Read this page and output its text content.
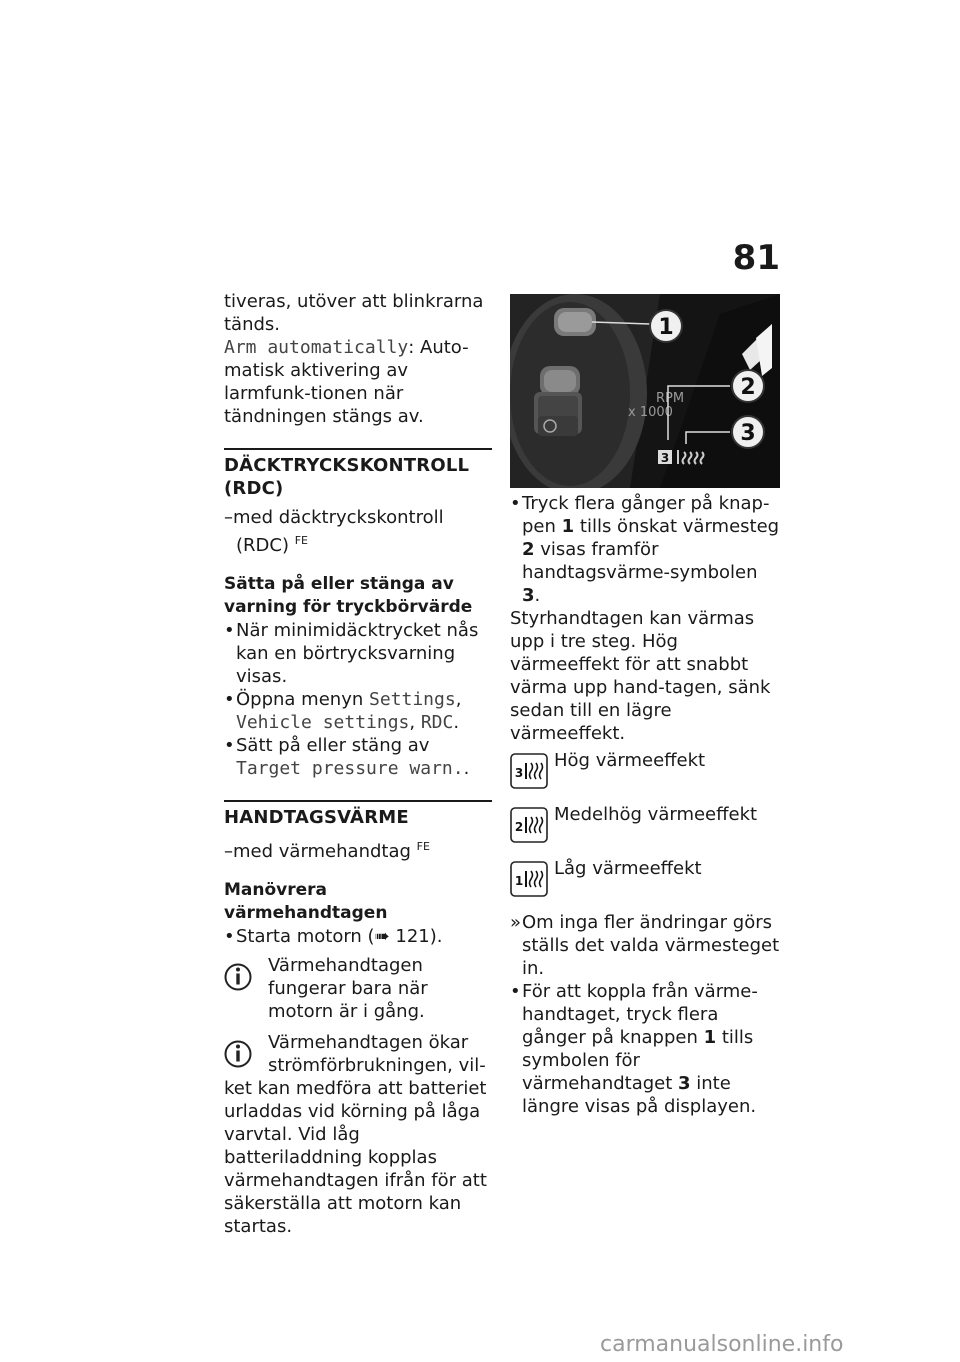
81

tiveras, utöver att blinkrarna
tänds.

Arm automatically: Auto- matisk aktivering av larmfunk-tionen när tändningen stängs av.

DÄCKTRYCKSKONTROLL (RDC)

–med däcktryckskontroll (RDC) $^{FE}$

Sätta på eller stänga av varning för tryckbörvärde

• När minimidäcktrycket nås kan en börtrycksvarning visas.

• Öppna menyn Settings, Vehicle settings, RDC.

• Sätt på eller stäng av Target pressure warn..

HANDTAGSVÄRME

–med värmehandtag $^{FE}$

Manövrera värmehandtagen

• Starta motorn (➠ 121).

Värmehandtagen fungerar bara när motorn är i gång.

Värmehandtagen ökar strömförbrukningen, vil-

ket kan medföra att batteriet urladdas vid körning på låga varvtal. Vid låg batteriladdning kopplas värmehandtagen ifrån för att säkerställa att motorn kan startas.

1
RPM
x 1000
2
3
3

• Tryck flera gånger på knap-pen 1 tills önskat värmesteg 2 visas framför handtagsvärme-symbolen 3.

Styrhandtagen kan värmas upp i tre steg. Hög värmeeffekt för att snabbt värma upp hand-tagen, sänk sedan till en lägre värmeeffekt.

3
Hög värmeeffekt
2
Medelhög värmeeffekt
1
Låg värmeeffekt

» Om inga fler ändringar görs ställs det valda värmesteget in.

• För att koppla från värme-handtaget, tryck flera gånger på knappen 1 tills symbolen för värmehandtaget 3 inte längre visas på displayen.

carmanualsonline.info
